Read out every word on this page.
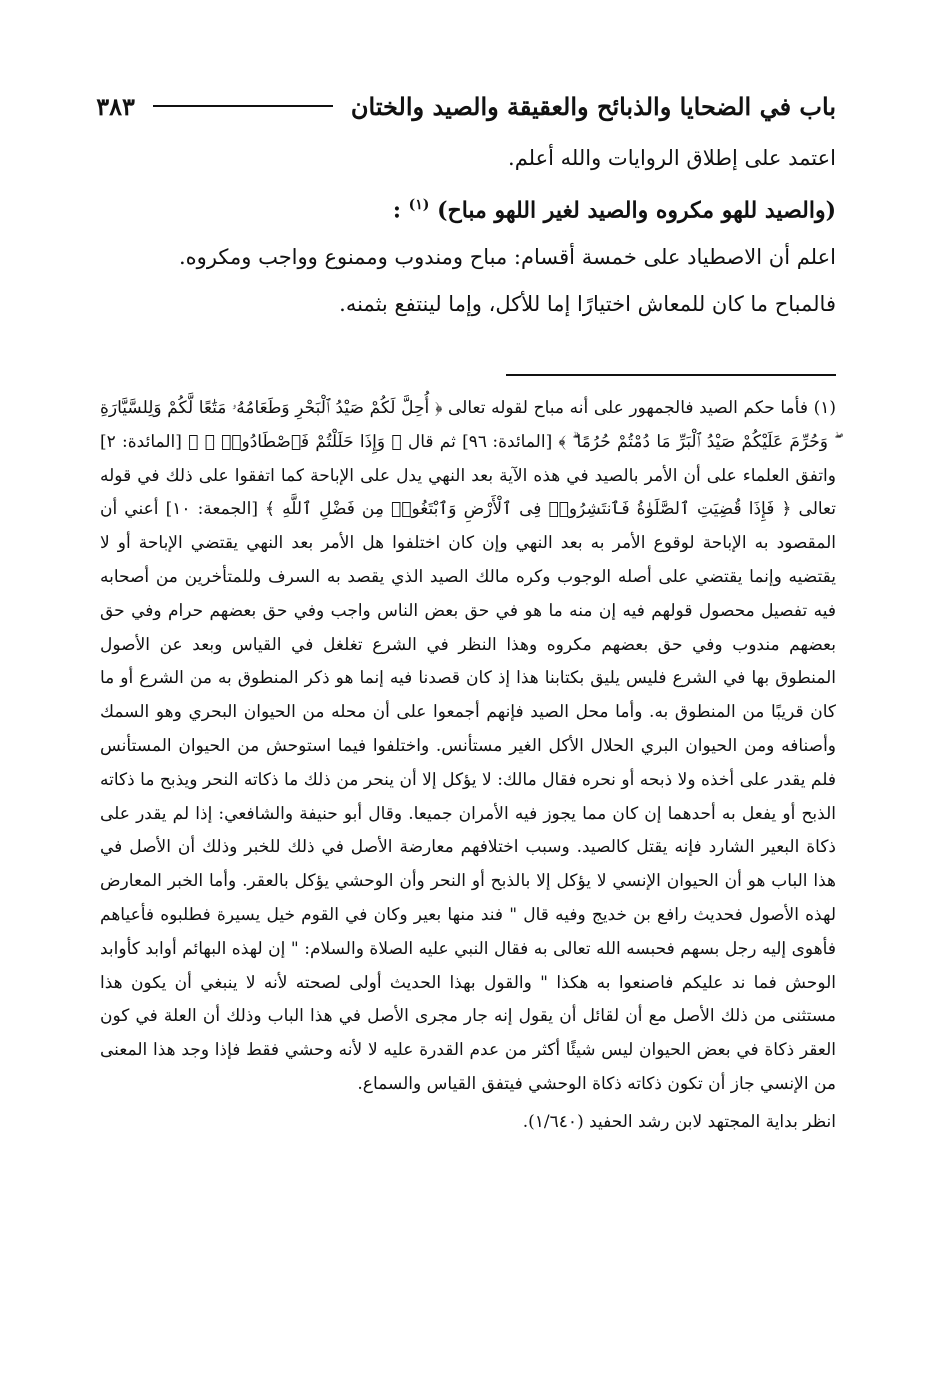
باب في الضحايا والذبائح والعقيقة والصيد والختان
٣٨٣

اعتمد على إطلاق الروايات والله أعلم.

(والصيد للهو مكروه والصيد لغير اللهو مباح) $^{(١)}$ :

اعلم أن الاصطياد على خمسة أقسام: مباح ومندوب وممنوع وواجب ومكروه.

فالمباح ما كان للمعاش اختيارًا إما للأكل، وإما لينتفع بثمنه.

(١) فأما حكم الصيد فالجمهور على أنه مباح لقوله تعالى ﴿ أُحِلَّ لَكُمْ صَيْدُ ٱلْبَحْرِ وَطَعَامُهُۥ مَتَٰعًا لَّكُمْ وَلِلسَّيَّارَةِ ۖ وَحُرِّمَ عَلَيْكُمْ صَيْدُ ٱلْبَرِّ مَا دُمْتُمْ حُرُمًا ۗ ﴾ [المائدة: ٩٦] ثم قال ﴿ وَإِذَا حَلَلْتُمْ فَٱصْطَادُوا۟ ۚ ﴾ [المائدة: ٢] واتفق العلماء على أن الأمر بالصيد في هذه الآية بعد النهي يدل على الإباحة كما اتفقوا على ذلك في قوله تعالى ﴿ فَإِذَا قُضِيَتِ ٱلصَّلَوٰةُ فَٱنتَشِرُوا۟ فِى ٱلْأَرْضِ وَٱبْتَغُوا۟ مِن فَضْلِ ٱللَّهِ ﴾ [الجمعة: ١٠] أعني أن المقصود به الإباحة لوقوع الأمر به بعد النهي وإن كان اختلفوا هل الأمر بعد النهي يقتضي الإباحة أو لا يقتضيه وإنما يقتضي على أصله الوجوب وكره مالك الصيد الذي يقصد به السرف وللمتأخرين من أصحابه فيه تفصيل محصول قولهم فيه إن منه ما هو في حق بعض الناس واجب وفي حق بعضهم حرام وفي حق بعضهم مندوب وفي حق بعضهم مكروه وهذا النظر في الشرع تغلغل في القياس وبعد عن الأصول المنطوق بها في الشرع فليس يليق بكتابنا هذا إذ كان قصدنا فيه إنما هو ذكر المنطوق به من الشرع أو ما كان قريبًا من المنطوق به. وأما محل الصيد فإنهم أجمعوا على أن محله من الحيوان البحري وهو السمك وأصنافه ومن الحيوان البري الحلال الأكل الغير مستأنس. واختلفوا فيما استوحش من الحيوان المستأنس فلم يقدر على أخذه ولا ذبحه أو نحره فقال مالك: لا يؤكل إلا أن ينحر من ذلك ما ذكاته النحر ويذبح ما ذكاته الذبح أو يفعل به أحدهما إن كان مما يجوز فيه الأمران جميعا. وقال أبو حنيفة والشافعي: إذا لم يقدر على ذكاة البعير الشارد فإنه يقتل كالصيد. وسبب اختلافهم معارضة الأصل في ذلك للخبر وذلك أن الأصل في هذا الباب هو أن الحيوان الإنسي لا يؤكل إلا بالذبح أو النحر وأن الوحشي يؤكل بالعقر. وأما الخبر المعارض لهذه الأصول فحديث رافع بن خديج وفيه قال " فند منها بعير وكان في القوم خيل يسيرة فطلبوه فأعياهم فأهوى إليه رجل بسهم فحبسه الله تعالى به فقال النبي عليه الصلاة والسلام: " إن لهذه البهائم أوابد كأوابد الوحش فما ند عليكم فاصنعوا به هكذا " والقول بهذا الحديث أولى لصحته لأنه لا ينبغي أن يكون هذا مستثنى من ذلك الأصل مع أن لقائل أن يقول إنه جار مجرى الأصل في هذا الباب وذلك أن العلة في كون العقر ذكاة في بعض الحيوان ليس شيئًا أكثر من عدم القدرة عليه لا لأنه وحشي فقط فإذا وجد هذا المعنى من الإنسي جاز أن تكون ذكاته ذكاة الوحشي فيتفق القياس والسماع.

انظر بداية المجتهد لابن رشد الحفيد (١/٦٤٠).
